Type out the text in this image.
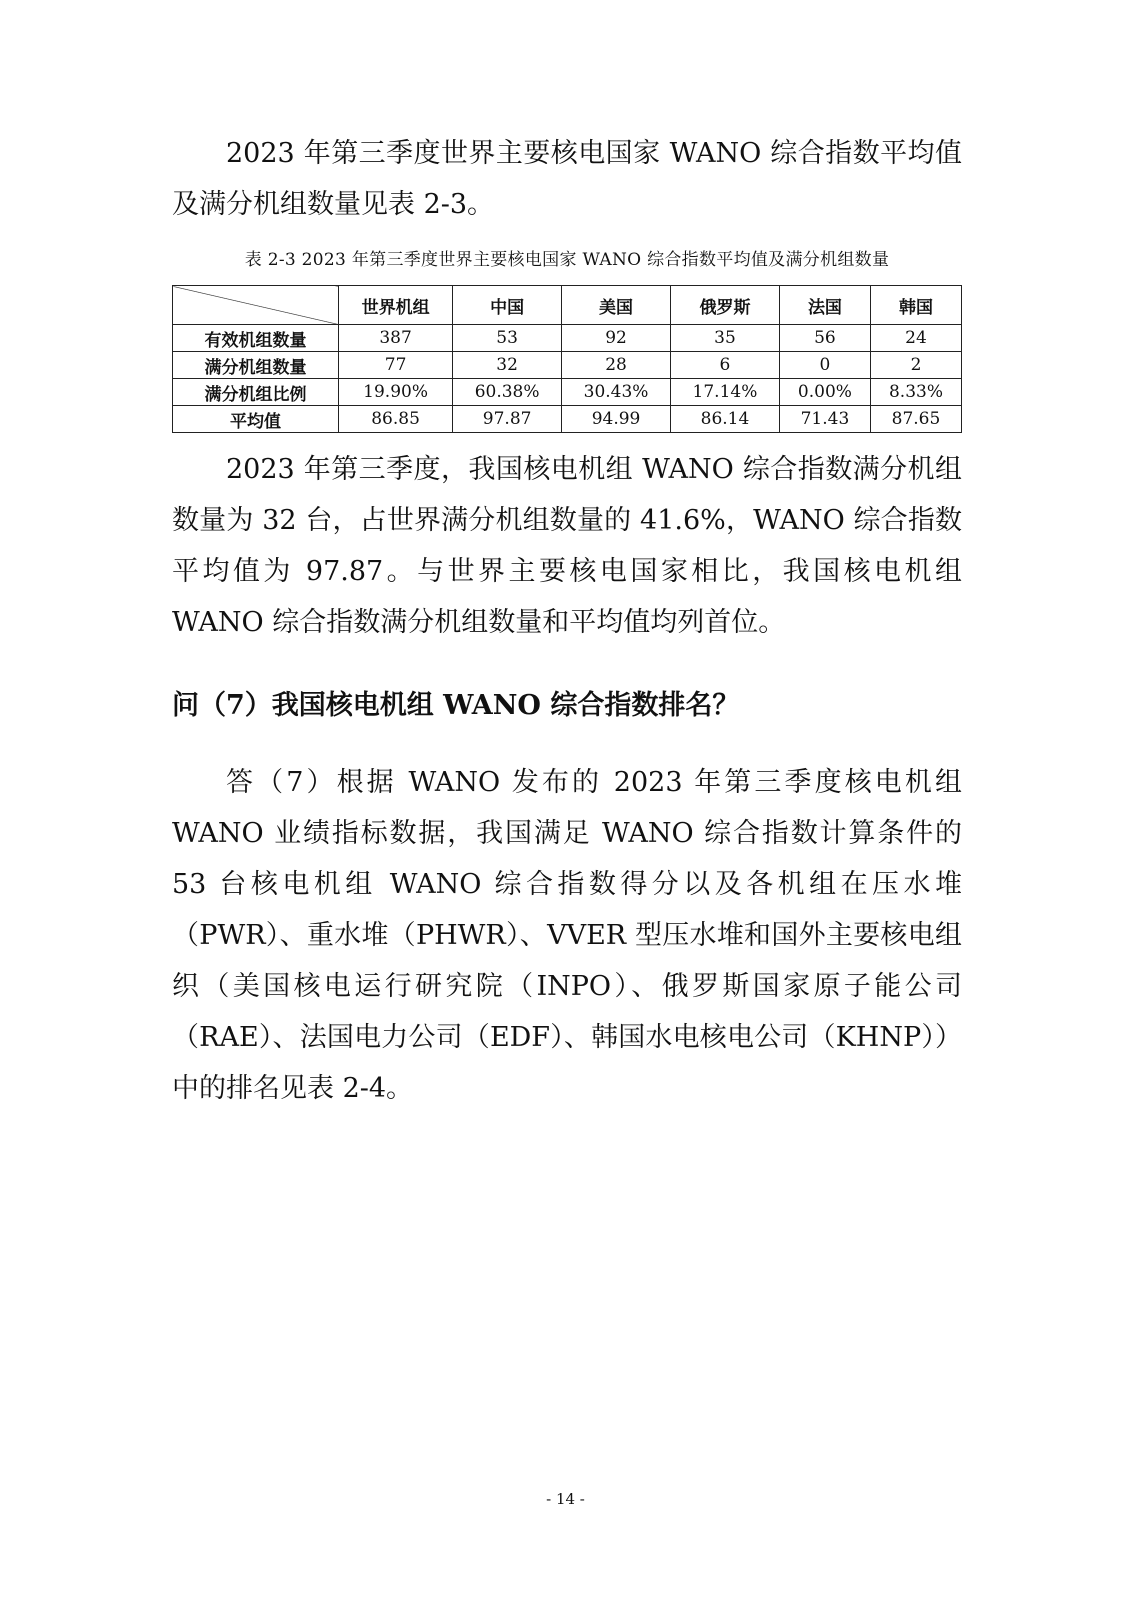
2023 年第三季度世界主要核电国家 WANO 综合指数平均值及满分机组数量见表 2-3。

表 2-3 2023 年第三季度世界主要核电国家 WANO 综合指数平均值及满分机组数量

	世界机组	中国	美国	俄罗斯	法国	韩国
有效机组数量	387	53	92	35	56	24
满分机组数量	77	32	28	6	0	2
满分机组比例	19.90%	60.38%	30.43%	17.14%	0.00%	8.33%
平均值	86.85	97.87	94.99	86.14	71.43	87.65

2023 年第三季度，我国核电机组 WANO 综合指数满分机组数量为 32 台，占世界满分机组数量的 41.6%，WANO 综合指数平均值为 97.87。与世界主要核电国家相比，我国核电机组 WANO 综合指数满分机组数量和平均值均列首位。

问（7）我国核电机组 WANO 综合指数排名？

答（7）根据 WANO 发布的 2023 年第三季度核电机组 WANO 业绩指标数据，我国满足 WANO 综合指数计算条件的 53 台核电机组 WANO 综合指数得分以及各机组在压水堆（PWR）、重水堆（PHWR）、VVER 型压水堆和国外主要核电组织（美国核电运行研究院（INPO）、俄罗斯国家原子能公司（RAE）、法国电力公司（EDF）、韩国水电核电公司（KHNP））中的排名见表 2-4。

- 14 -
